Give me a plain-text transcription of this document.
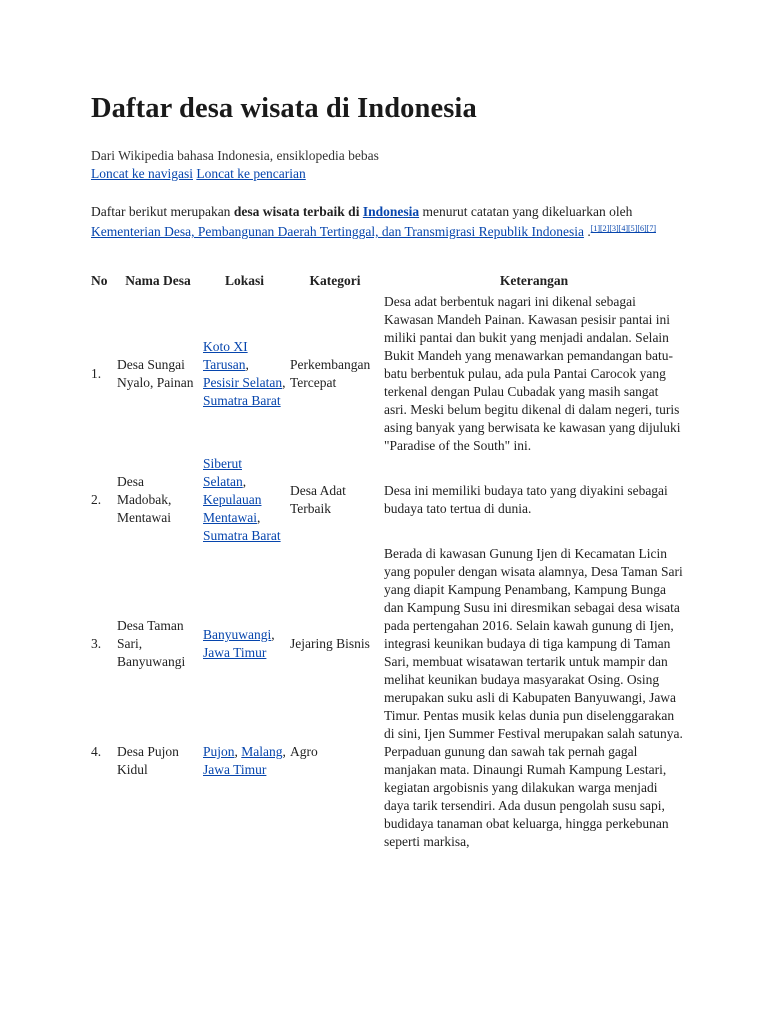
Daftar desa wisata di Indonesia
Dari Wikipedia bahasa Indonesia, ensiklopedia bebas
Loncat ke navigasi Loncat ke pencarian
Daftar berikut merupakan desa wisata terbaik di Indonesia menurut catatan yang dikeluarkan oleh Kementerian Desa, Pembangunan Daerah Tertinggal, dan Transmigrasi Republik Indonesia .[1][2][3][4][5][6][7]
No	Nama Desa	Lokasi	Kategori	Keterangan
1.	Desa Sungai Nyalo, Painan	Koto XI Tarusan, Pesisir Selatan, Sumatra Barat	Perkembangan Tercepat	Desa adat berbentuk nagari ini dikenal sebagai Kawasan Mandeh Painan. Kawasan pesisir pantai ini miliki pantai dan bukit yang menjadi andalan. Selain Bukit Mandeh yang menawarkan pemandangan batu-batu berbentuk pulau, ada pula Pantai Carocok yang terkenal dengan Pulau Cubadak yang masih sangat asri. Meski belum begitu dikenal di dalam negeri, turis asing banyak yang berwisata ke kawasan yang dijuluki "Paradise of the South" ini.
2.	Desa Madobak, Mentawai	Siberut Selatan, Kepulauan Mentawai, Sumatra Barat	Desa Adat Terbaik	Desa ini memiliki budaya tato yang diyakini sebagai budaya tato tertua di dunia.
3.	Desa Taman Sari, Banyuwangi	Banyuwangi, Jawa Timur	Jejaring Bisnis	Berada di kawasan Gunung Ijen di Kecamatan Licin yang populer dengan wisata alamnya, Desa Taman Sari yang diapit Kampung Penambang, Kampung Bunga dan Kampung Susu ini diresmikan sebagai desa wisata pada pertengahan 2016. Selain kawah gunung di Ijen, integrasi keunikan budaya di tiga kampung di Taman Sari, membuat wisatawan tertarik untuk mampir dan melihat keunikan budaya masyarakat Osing. Osing merupakan suku asli di Kabupaten Banyuwangi, Jawa Timur. Pentas musik kelas dunia pun diselenggarakan di sini, Ijen Summer Festival merupakan salah satunya.
4.	Desa Pujon Kidul	Pujon, Malang, Jawa Timur	Agro	Perpaduan gunung dan sawah tak pernah gagal manjakan mata. Dinaungi Rumah Kampung Lestari, kegiatan argobisnis yang dilakukan warga menjadi daya tarik tersendiri. Ada dusun pengolah susu sapi, budidaya tanaman obat keluarga, hingga perkebunan seperti markisa,
